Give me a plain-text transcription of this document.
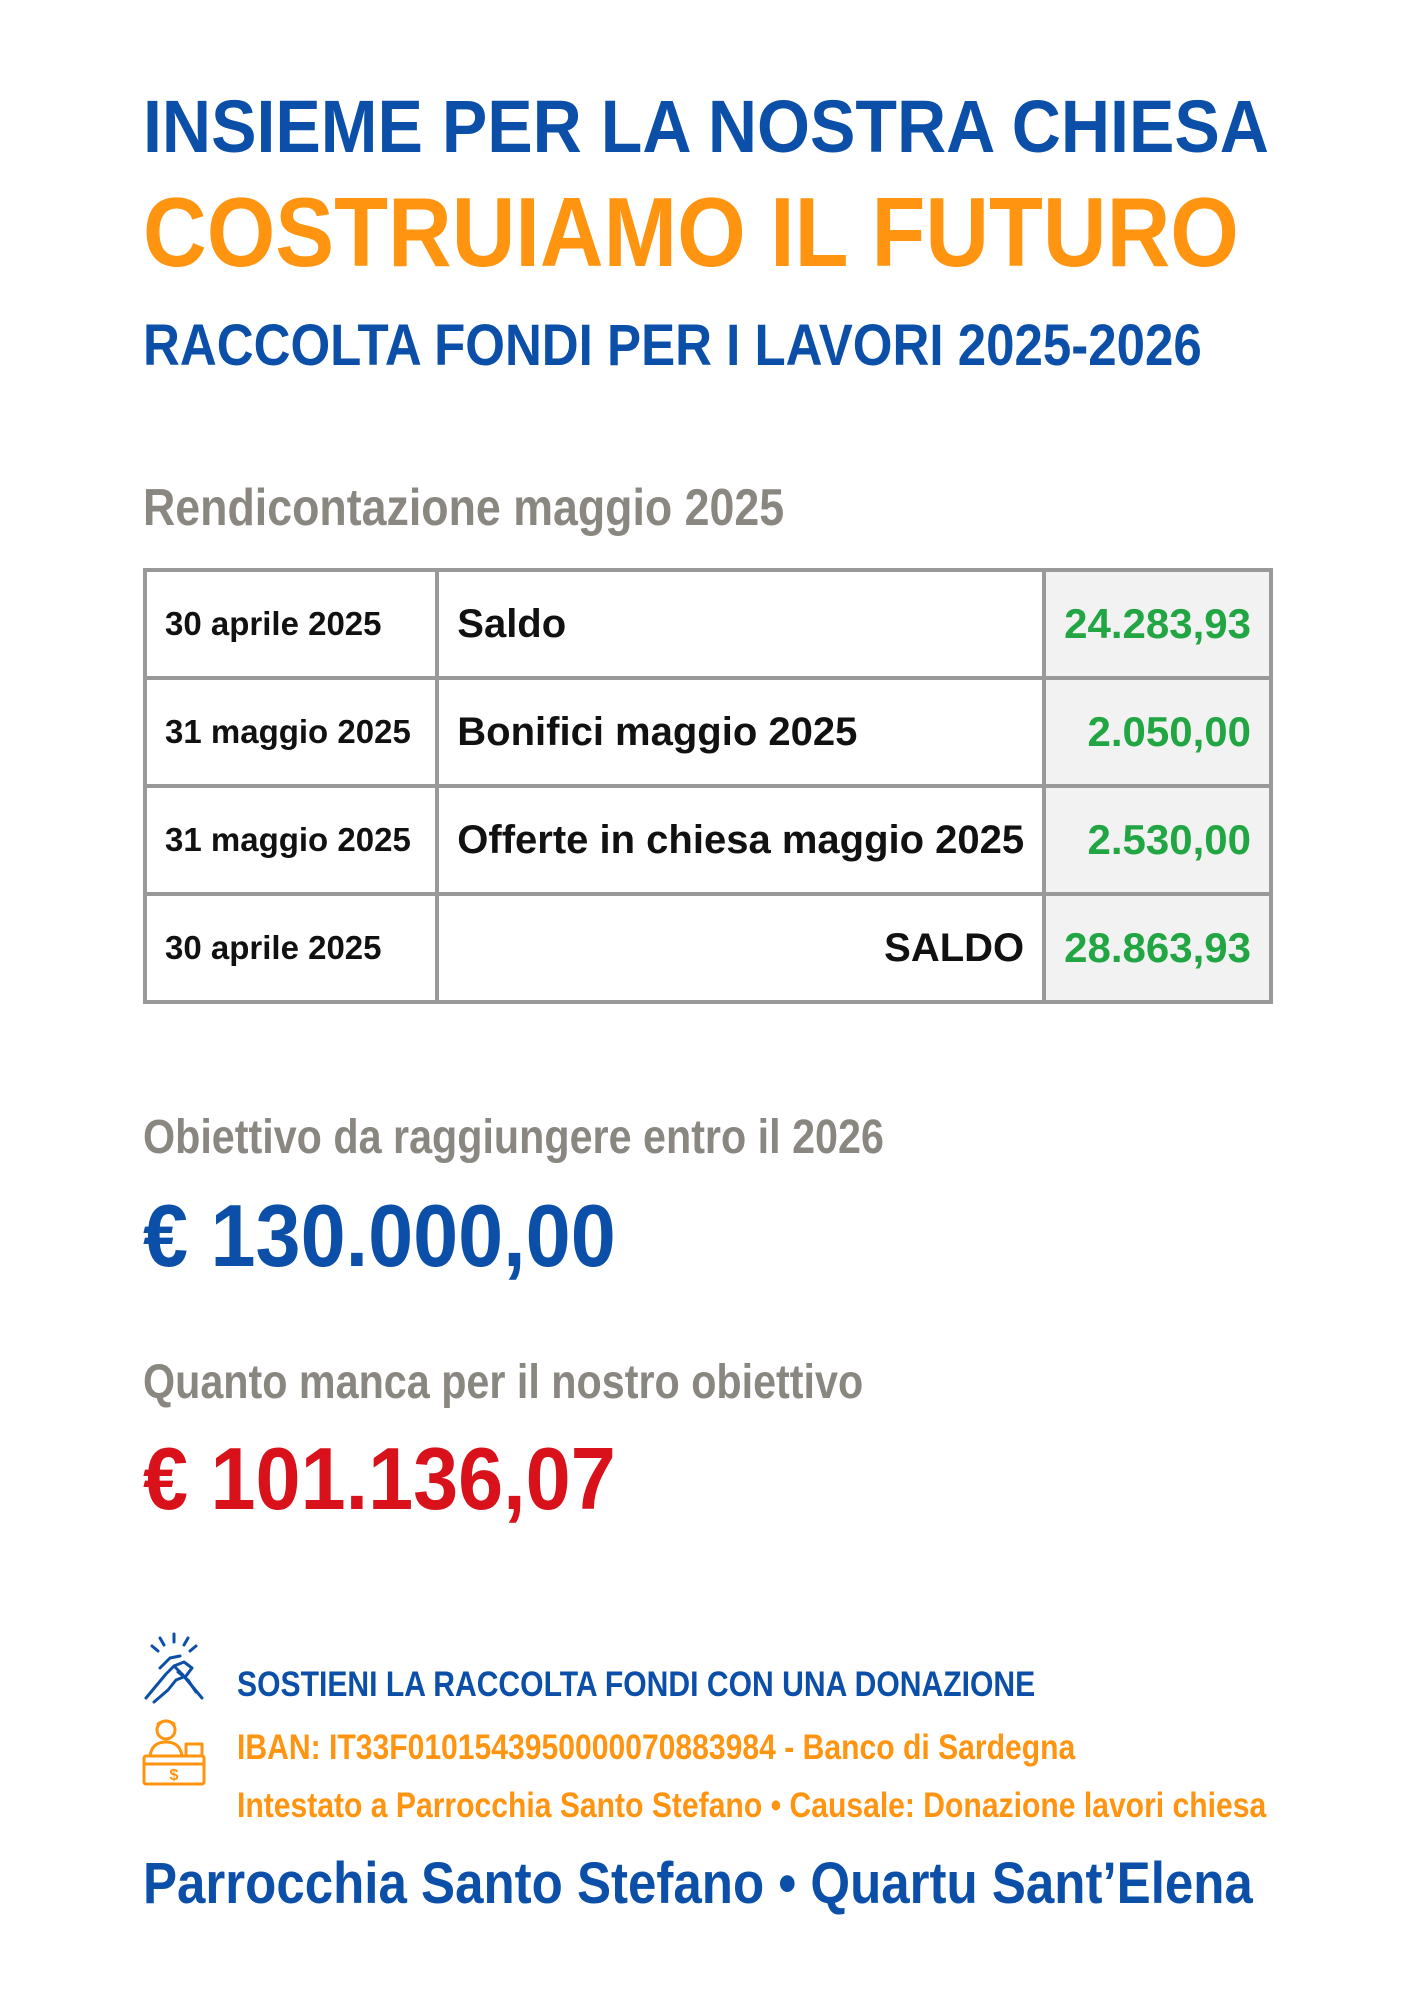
INSIEME PER LA NOSTRA CHIESA
COSTRUIAMO IL FUTURO
RACCOLTA FONDI PER I LAVORI 2025-2026
Rendicontazione maggio 2025
30 aprile 2025	Saldo	24.283,93
31 maggio 2025	Bonifici maggio 2025	2.050,00
31 maggio 2025	Offerte in chiesa maggio 2025	2.530,00
30 aprile 2025	SALDO	28.863,93
Obiettivo da raggiungere entro il 2026
€ 130.000,00
Quanto manca per il nostro obiettivo
€ 101.136,07
$
SOSTIENI LA RACCOLTA FONDI CON UNA DONAZIONE
IBAN: IT33F0101543950000070883984 - Banco di Sardegna
Intestato a Parrocchia Santo Stefano • Causale: Donazione lavori chiesa
Parrocchia Santo Stefano • Quartu Sant’Elena
